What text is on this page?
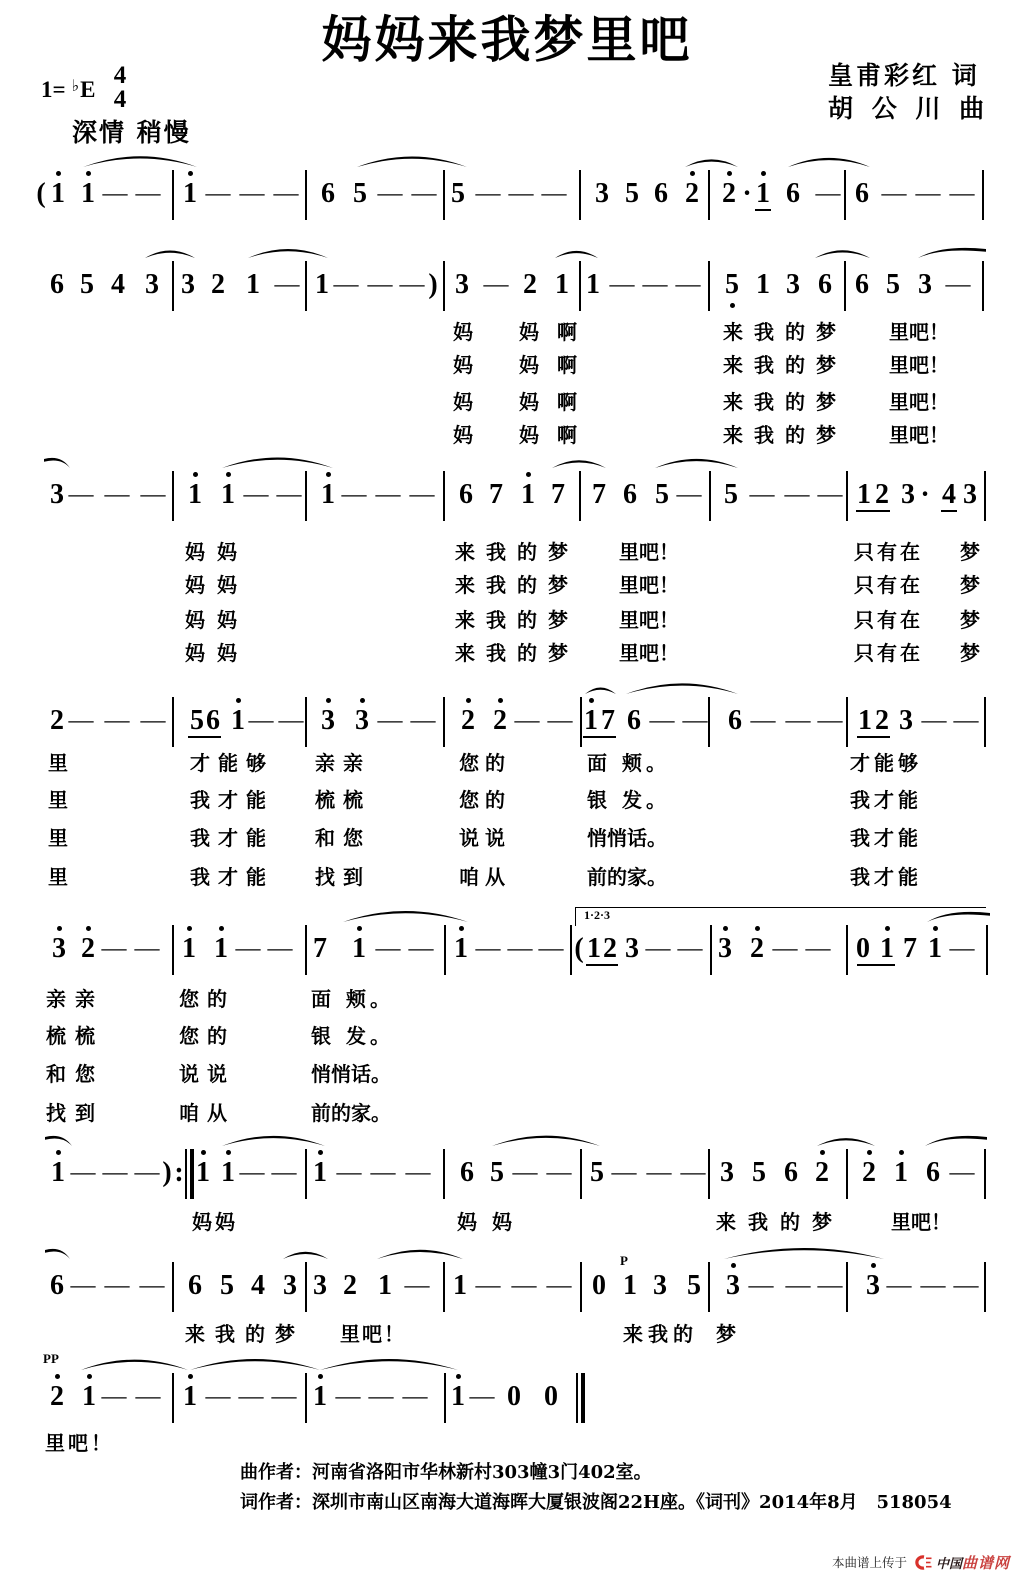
妈妈来我梦里吧
1= ♭E
4
4
深情 稍慢
皇甫彩红 词
胡 公 川 曲
( 1 1 — — 1 — — — 6 5 — — 5 — — — 3 5 6 2 2 · 1 6 — 6 — — —
6 5 4 3 3 2 1 — 1 — — — ) 3 — 2 1 1 — — — 5 1 3 6 6 5 3 —
妈 妈 啊	来我的梦 里吧！
妈 妈 啊	来我的梦 里吧！
妈 妈 啊	来我的梦 里吧！
妈 妈 啊	来我的梦 里吧！
3 — — — 1 1 — — 1 — — — 6 7 1 7 7 6 5 — 5 — — — 1 2 3 · 4 3
妈妈	来我的梦 里吧！	只有在 梦
妈妈	来我的梦 里吧！	只有在 梦
妈妈	来我的梦 里吧！	只有在 梦
妈妈	来我的梦 里吧！	只有在 梦
2 — — — 5 6 1 — — 3 3 — — 2 2 — — 1 7 6 — — 6 — — — 1 2 3 — —
里	才能够 亲亲	您的	面 颊。	才能够
里	我才能 梳梳	您的	银 发。	我才能
里	我才能 和您	说说	悄悄话。	我才能
里	我才能 找到	咱从	前的家。	我才能
3 2 — — 1 1 — — 7 1 — — 1 — — — ( 1 2 3 — — 3 2 — — 0 1 7 1 —
1·2·3
亲亲	您的	面 颊。
梳梳	您的	银 发。
和您	说说	悄悄话。
找到	咱从	前的家。
1 — — — ) : 1 1 — — 1 — — — 6 5 — — 5 — — — 3 5 6 2 2 1 6 —
妈妈	妈 妈	来我的梦 里吧！
6 — — — 6 5 4 3 3 2 1 — 1 — — — 0 1
P
3 5 3 — — — 3 — — —
来我的梦 里吧！	来我的 梦
2
PP
1 — — 1 — — — 1 — — — 1 — 0 0
里吧！
曲作者：河南省洛阳市华林新村303幢3门402室。
词作者：深圳市南山区南海大道海晖大厦银波阁22H座。《词刊》2014年8月   518054
本曲谱上传于 中国 曲谱网
